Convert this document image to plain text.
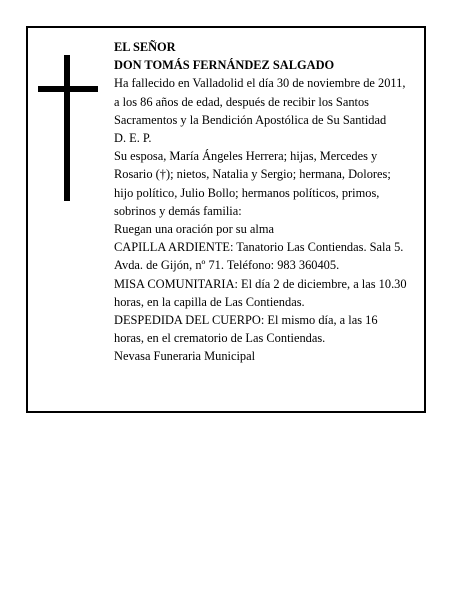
EL SEÑOR

DON TOMÁS FERNÁNDEZ SALGADO

Ha fallecido en Valladolid el día 30 de noviembre de 2011, a los 86 años de edad, después de recibir los Santos Sacramentos y la Bendición Apostólica de Su Santidad

D. E. P.

Su esposa, María Ángeles Herrera; hijas, Mercedes y Rosario (†); nietos, Natalia y Sergio; hermana, Dolores; hijo político, Julio Bollo; hermanos políticos, primos, sobrinos y demás familia:

Ruegan una oración por su alma

CAPILLA ARDIENTE: Tanatorio Las Contiendas. Sala 5. Avda. de Gijón, nº 71. Teléfono: 983 360405.

MISA COMUNITARIA: El día 2 de diciembre, a las 10.30 horas, en la capilla de Las Contiendas.

DESPEDIDA DEL CUERPO: El mismo día, a las 16 horas, en el crematorio de Las Contiendas.

Nevasa Funeraria Municipal
